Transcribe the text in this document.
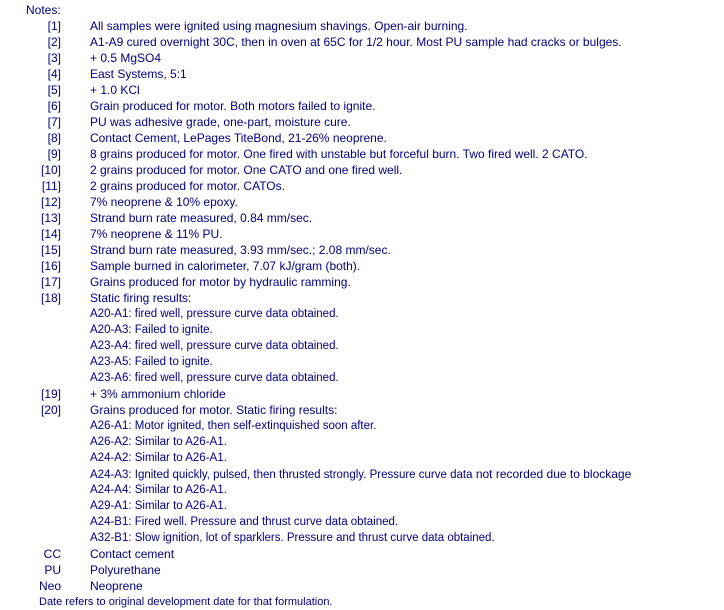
Notes:
[1] All samples were ignited using magnesium shavings. Open-air burning.
[2] A1-A9 cured overnight 30C, then in oven at 65C for 1/2 hour. Most PU sample had cracks or bulges.
[3] + 0.5 MgSO4
[4] East Systems, 5:1
[5] + 1.0 KCl
[6] Grain produced for motor. Both motors failed to ignite.
[7] PU was adhesive grade, one-part, moisture cure.
[8] Contact Cement, LePages TiteBond, 21-26% neoprene.
[9] 8 grains produced for motor. One fired with unstable but forceful burn. Two fired well. 2 CATO.
[10] 2 grains produced for motor. One CATO and one fired well.
[11] 2 grains produced for motor. CATOs.
[12] 7% neoprene & 10% epoxy.
[13] Strand burn rate measured, 0.84 mm/sec.
[14] 7% neoprene & 11% PU.
[15] Strand burn rate measured, 3.93 mm/sec.; 2.08 mm/sec.
[16] Sample burned in calorimeter, 7.07 kJ/gram (both).
[17] Grains produced for motor by hydraulic ramming.
[18] Static firing results:
A20-A1: fired well, pressure curve data obtained.
A20-A3: Failed to ignite.
A23-A4: fired well, pressure curve data obtained.
A23-A5: Failed to ignite.
A23-A6: fired well, pressure curve data obtained.
[19] + 3% ammonium chloride
[20] Grains produced for motor. Static firing results:
A26-A1: Motor ignited, then self-extinquished soon after.
A26-A2: Similar to A26-A1.
A24-A2: Similar to A26-A1.
A24-A3: Ignited quickly, pulsed, then thrusted strongly. Pressure curve data not recorded due to blockage
A24-A4: Similar to A26-A1.
A29-A1: Similar to A26-A1.
A24-B1: Fired well. Pressure and thrust curve data obtained.
A32-B1: Slow ignition, lot of sparklers. Pressure and thrust curve data obtained.
CC Contact cement
PU Polyurethane
Neo Neoprene
Date refers to original development date for that formulation.
